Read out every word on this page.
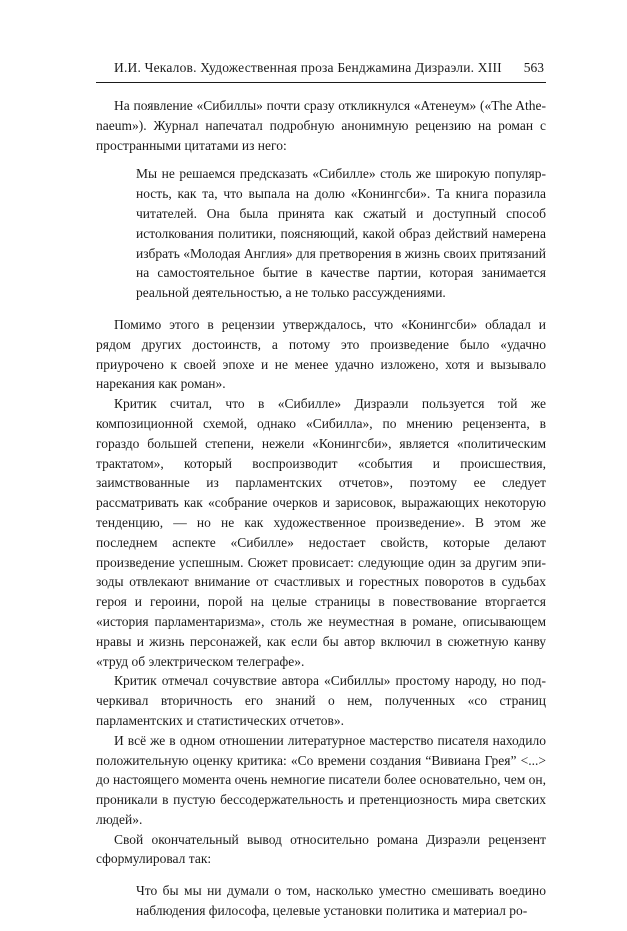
И.И. Чекалов. Художественная проза Бенджамина Дизраэли. XIII 563

На появление «Сибиллы» почти сразу откликнулся «Атенеум» («The Athenaeum»). Журнал напечатал подробную анонимную рецензию на роман с пространными цитатами из него:

Мы не решаемся предсказать «Сибилле» столь же широкую популярность, как та, что выпала на долю «Конингсби». Та книга поразила читателей. Она была принята как сжатый и доступный способ истолкования политики, поясняющий, какой образ действий намерена избрать «Молодая Англия» для претворения в жизнь своих притязаний на самостоятельное бытие в качестве партии, которая занимается реальной деятельностью, а не только рассуждениями.

Помимо этого в рецензии утверждалось, что «Конингсби» обладал и рядом других достоинств, а потому это произведение было «удачно приурочено к своей эпохе и не менее удачно изложено, хотя и вызывало нарекания как роман».

Критик считал, что в «Сибилле» Дизраэли пользуется той же композиционной схемой, однако «Сибилла», по мнению рецензента, в гораздо большей степени, нежели «Конингсби», является «политическим трактатом», который воспроизводит «события и происшествия, заимствованные из парламентских отчетов», поэтому ее следует рассматривать как «собрание очерков и зарисовок, выражающих некоторую тенденцию, — но не как художественное произведение». В этом же последнем аспекте «Сибилле» недостает свойств, которые делают произведение успешным. Сюжет провисает: следующие один за другим эпизоды отвлекают внимание от счастливых и горестных поворотов в судьбах героя и героини, порой на целые страницы в повествование вторгается «история парламентаризма», столь же неуместная в романе, описывающем нравы и жизнь персонажей, как если бы автор включил в сюжетную канву «труд об электрическом телеграфе».

Критик отмечал сочувствие автора «Сибиллы» простому народу, но подчеркивал вторичность его знаний о нем, полученных «со страниц парламентских и статистических отчетов».

И всё же в одном отношении литературное мастерство писателя находило положительную оценку критика: «Со времени создания “Вивиана Грея” <...> до настоящего момента очень немногие писатели более основательно, чем он, проникали в пустую бессодержательность и претенциозность мира светских людей».

Свой окончательный вывод относительно романа Дизраэли рецензент сформулировал так:

Что бы мы ни думали о том, насколько уместно смешивать воедино наблюдения философа, целевые установки политика и материал ро-
